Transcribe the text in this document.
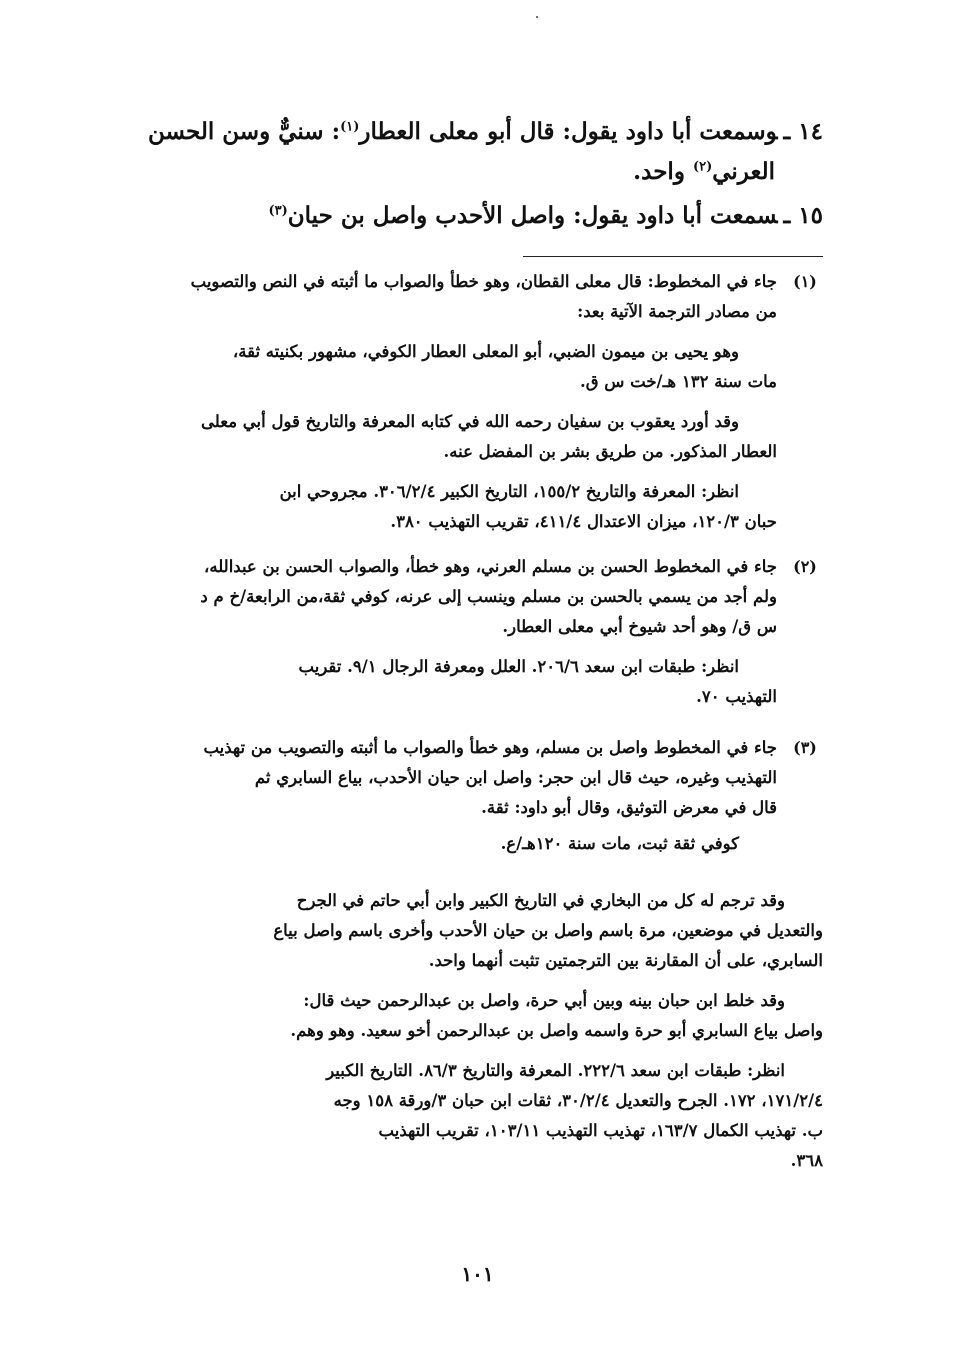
١٤ ـوسمعت أبا داود يقول: قال أبو معلى العطار$^{(١)}$: سنيٌّ وسن الحسن
العرني$^{(٢)}$ واحد.
١٥ ـسمعت أبا داود يقول: واصل الأحدب واصل بن حيان$^{(٣)}$
(١)
جاء في المخطوط: قال معلى القطان، وهو خطأ والصواب ما أثبته في النص والتصويب
من مصادر الترجمة الآتية بعد:
وهو يحيى بن ميمون الضبي، أبو المعلى العطار الكوفي، مشهور بكنيته ثقة،
مات سنة ١٣٢ هـ/خت س ق.
وقد أورد يعقوب بن سفيان رحمه الله في كتابه المعرفة والتاريخ قول أبي معلى
العطار المذكور. من طريق بشر بن المفضل عنه.
انظر: المعرفة والتاريخ ١٥٥/٢، التاريخ الكبير ٣٠٦/٢/٤. مجروحي ابن
حبان ١٢٠/٣، ميزان الاعتدال ٤١١/٤، تقريب التهذيب ٣٨٠.
(٢)
جاء في المخطوط الحسن بن مسلم العرني، وهو خطأ، والصواب الحسن بن عبدالله،
ولم أجد من يسمي بالحسن بن مسلم وينسب إلى عرنه، كوفي ثقة،من الرابعة/خ م د
س ق/ وهو أحد شيوخ أبي معلى العطار.
انظر: طبقات ابن سعد ٢٠٦/٦. العلل ومعرفة الرجال ٩/١. تقريب
التهذيب ٧٠.
(٣)
جاء في المخطوط واصل بن مسلم، وهو خطأ والصواب ما أثبته والتصويب من تهذيب
التهذيب وغيره، حيث قال ابن حجر: واصل ابن حيان الأحدب، بياع السابري ثم
قال في معرض التوثيق، وقال أبو داود: ثقة.
كوفي ثقة ثبت، مات سنة ١٢٠هـ/ع.
وقد ترجم له كل من البخاري في التاريخ الكبير وابن أبي حاتم في الجرح
والتعديل في موضعين، مرة باسم واصل بن حيان الأحدب وأخرى باسم واصل بياع
السابري، على أن المقارنة بين الترجمتين تثبت أنهما واحد.
وقد خلط ابن حبان بينه وبين أبي حرة، واصل بن عبدالرحمن حيث قال:
واصل بياع السابري أبو حرة واسمه واصل بن عبدالرحمن أخو سعيد. وهو وهم.
انظر: طبقات ابن سعد ٢٢٢/٦. المعرفة والتاريخ ٨٦/٣. التاريخ الكبير
١٧١/٢/٤، ١٧٢. الجرح والتعديل ٣٠/٢/٤، ثقات ابن حبان ٣/ورقة ١٥٨ وجه
ب. تهذيب الكمال ١٦٣/٧، تهذيب التهذيب ١٠٣/١١، تقريب التهذيب
٣٦٨.
١٠١
